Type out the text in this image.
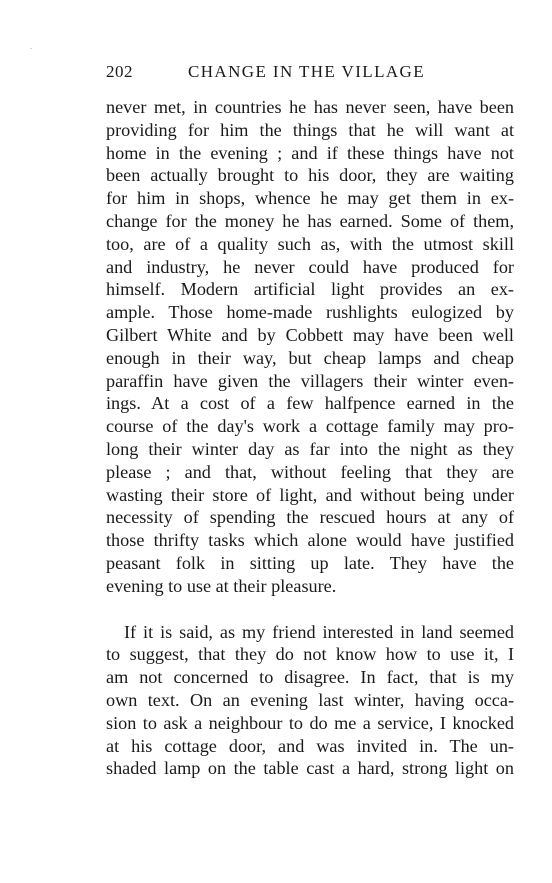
202	CHANGE IN THE VILLAGE
never met, in countries he has never seen, have been
providing for him the things that he will want at
home in the evening ; and if these things have not
been actually brought to his door, they are waiting
for him in shops, whence he may get them in ex-
change for the money he has earned. Some of them,
too, are of a quality such as, with the utmost skill
and industry, he never could have produced for
himself. Modern artificial light provides an ex-
ample. Those home-made rushlights eulogized by
Gilbert White and by Cobbett may have been well
enough in their way, but cheap lamps and cheap
paraffin have given the villagers their winter even-
ings. At a cost of a few halfpence earned in the
course of the day's work a cottage family may pro-
long their winter day as far into the night as they
please ; and that, without feeling that they are
wasting their store of light, and without being under
necessity of spending the rescued hours at any of
those thrifty tasks which alone would have justified
peasant folk in sitting up late. They have the
evening to use at their pleasure.
If it is said, as my friend interested in land seemed
to suggest, that they do not know how to use it, I
am not concerned to disagree. In fact, that is my
own text. On an evening last winter, having occa-
sion to ask a neighbour to do me a service, I knocked
at his cottage door, and was invited in. The un-
shaded lamp on the table cast a hard, strong light on
